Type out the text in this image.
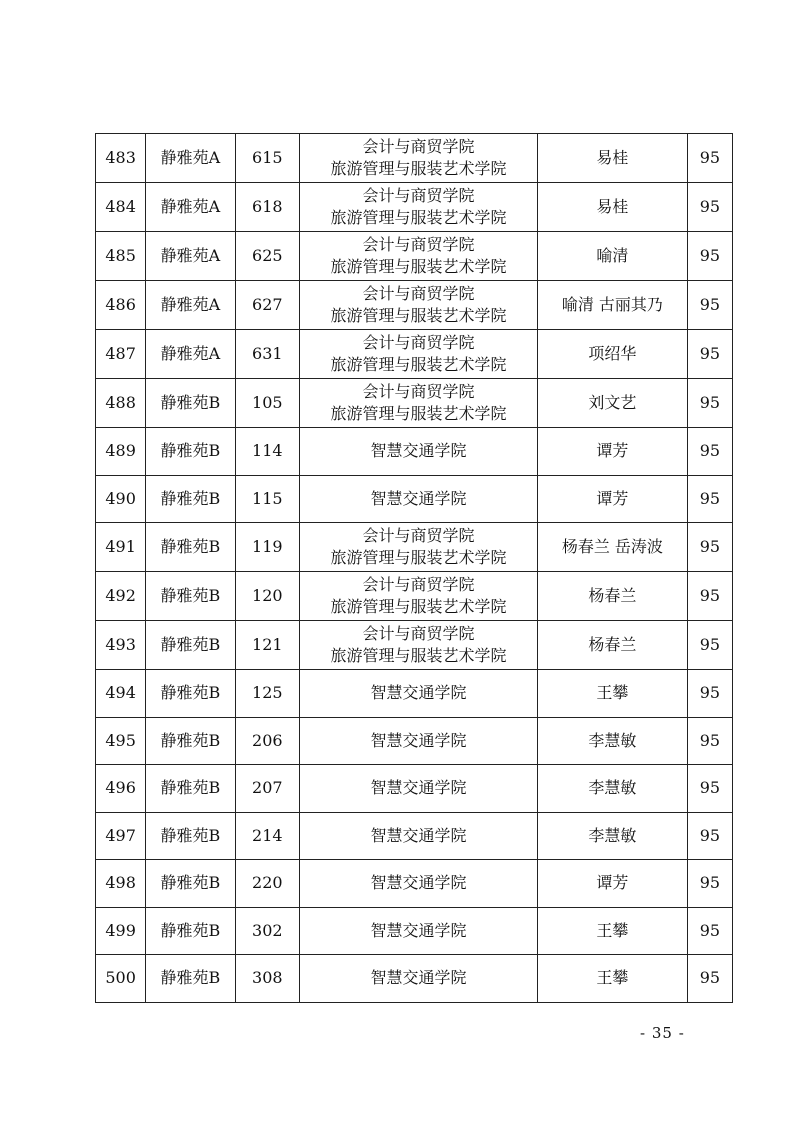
483	静雅苑A	615	会计与商贸学院
旅游管理与服装艺术学院	易桂	95
484	静雅苑A	618	会计与商贸学院
旅游管理与服装艺术学院	易桂	95
485	静雅苑A	625	会计与商贸学院
旅游管理与服装艺术学院	喻清	95
486	静雅苑A	627	会计与商贸学院
旅游管理与服装艺术学院	喻清 古丽其乃	95
487	静雅苑A	631	会计与商贸学院
旅游管理与服装艺术学院	项绍华	95
488	静雅苑B	105	会计与商贸学院
旅游管理与服装艺术学院	刘文艺	95
489	静雅苑B	114	智慧交通学院	谭芳	95
490	静雅苑B	115	智慧交通学院	谭芳	95
491	静雅苑B	119	会计与商贸学院
旅游管理与服装艺术学院	杨春兰 岳涛波	95
492	静雅苑B	120	会计与商贸学院
旅游管理与服装艺术学院	杨春兰	95
493	静雅苑B	121	会计与商贸学院
旅游管理与服装艺术学院	杨春兰	95
494	静雅苑B	125	智慧交通学院	王攀	95
495	静雅苑B	206	智慧交通学院	李慧敏	95
496	静雅苑B	207	智慧交通学院	李慧敏	95
497	静雅苑B	214	智慧交通学院	李慧敏	95
498	静雅苑B	220	智慧交通学院	谭芳	95
499	静雅苑B	302	智慧交通学院	王攀	95
500	静雅苑B	308	智慧交通学院	王攀	95
- 35 -
